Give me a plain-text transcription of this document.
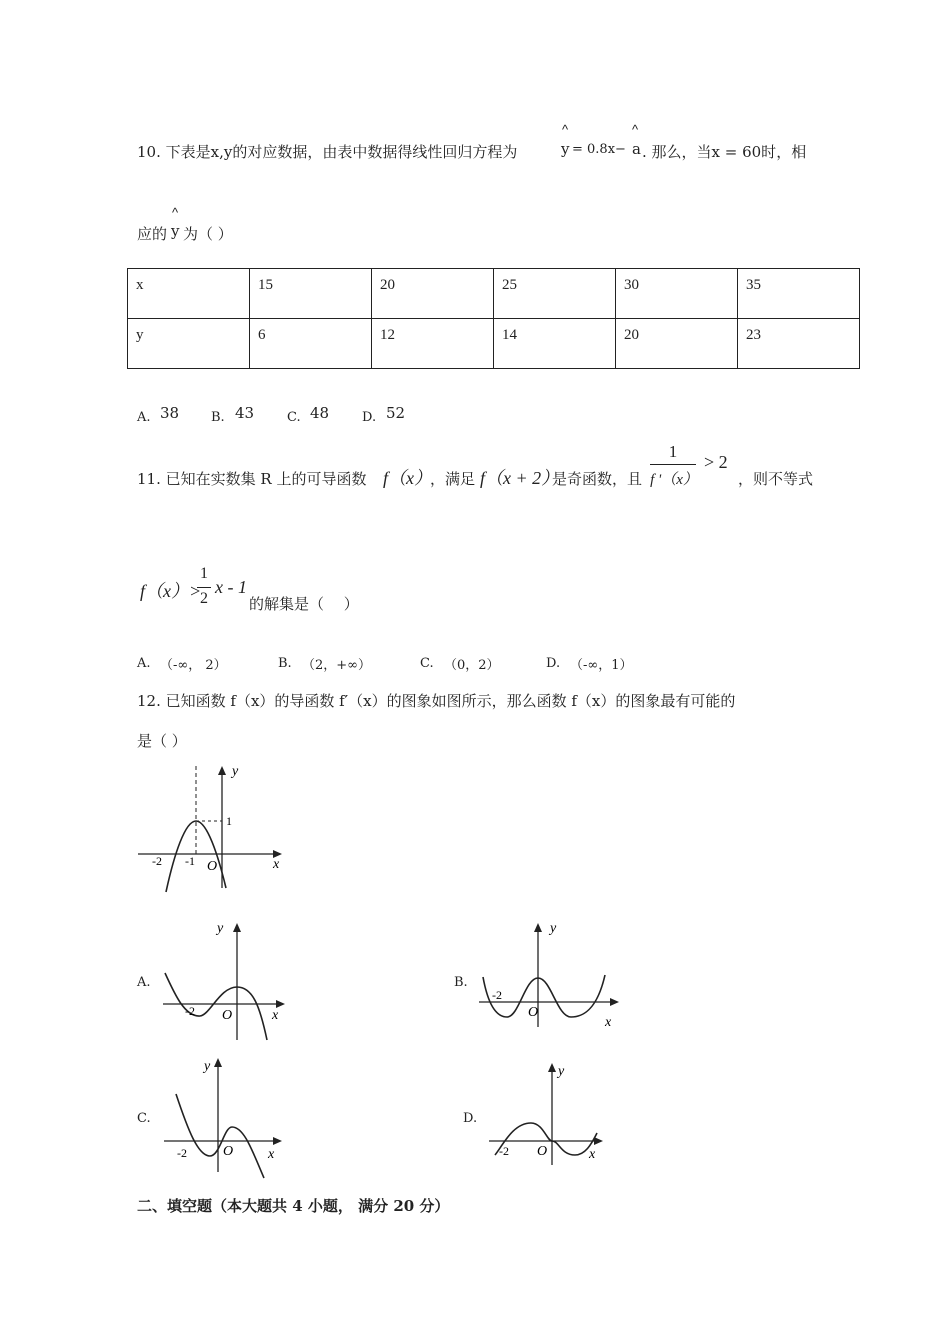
10. 下表是x,y的对应数据，由表中数据得线性回归方程为
^
y = 0.8x−
^
a . 那么，当x = 60时，相
应的
^
y 为（ ）
x	15	20	25	30	35

y	6	12	14	20	23
A. 38 B. 43	C. 48	D. 52
11. 已知在实数集 R 上的可导函数 f（x）
，满足 f（x + 2）
是奇函数，且
1
f '（x）
> 2
，则不等式
f（x）>
1
2
x - 1
的解集是（　 ）
A. （-∞， 2）	B. （2，+∞）	C. （0，2）	D. （-∞，1）
12. 已知函数 f（x）的导函数 f′（x）的图象如图所示，那么函数 f（x）的图象最有可能的
是（ ）
y
x
O
-2 -1
1
A.
y
x
O
-2
B.
y
x
O
-2
C.
y
x
O
-2
D.
y
x
O
-2
二、填空题（本大题共 4 小题， 满分 20 分）
